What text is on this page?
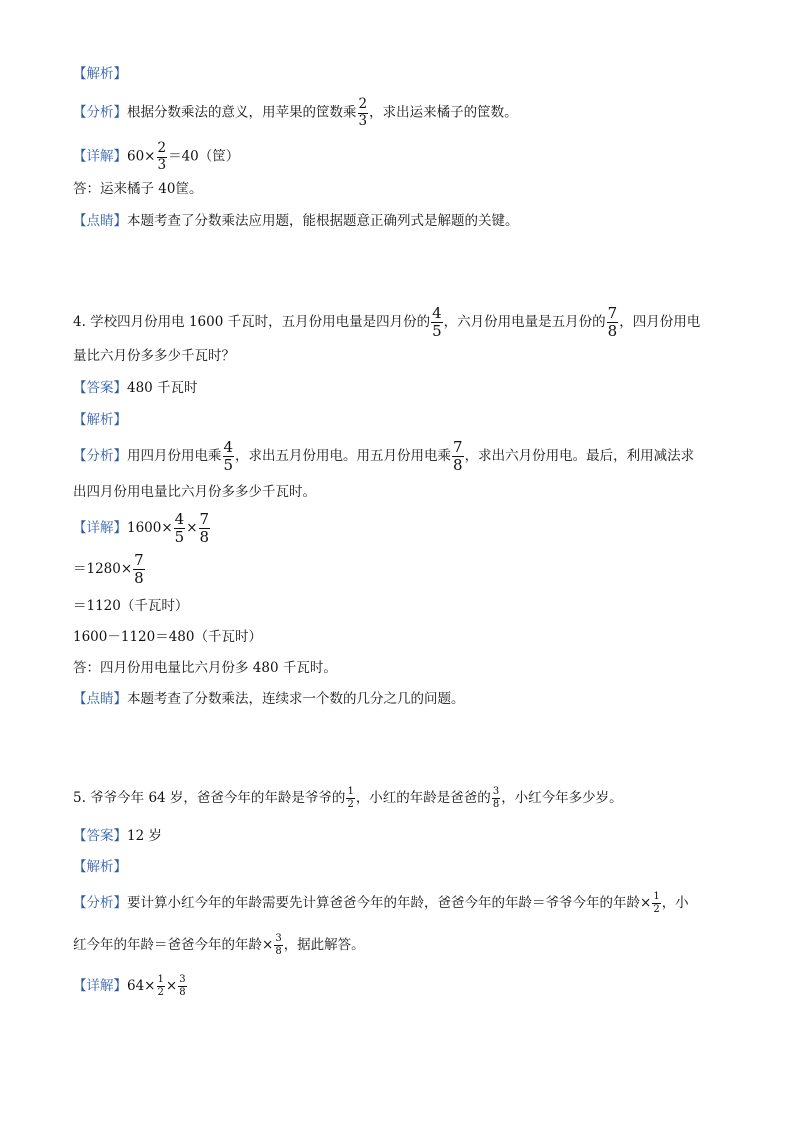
【解析】
【分析】根据分数乘法的意义，用苹果的筐数乘 $\frac{2}{3}$ ，求出运来橘子的筐数。
【详解】$60\times \frac{2}{3} =40$（筐）
答：运来橘子 40筐。
【点睛】本题考查了分数乘法应用题，能根据题意正确列式是解题的关键。
4. 学校四月份用电 1600 千瓦时，五月份用电量是四月份的 $\frac{4}{5}$ ，六月份用电量是五月份的 $\frac{7}{8}$ ，四月份用电
量比六月份多多少千瓦时？
【答案】480 千瓦时
【解析】
【分析】用四月份用电乘 $\frac{4}{5}$ ，求出五月份用电。用五月份用电乘 $\frac{7}{8}$ ，求出六月份用电。最后，利用减法求
出四月份用电量比六月份多多少千瓦时。
【详解】$1600\times \frac{4}{5} \times \frac{7}{8}$
$=1280\times \frac{7}{8}$
＝1120（千瓦时）
1600－1120＝480（千瓦时）
答：四月份用电量比六月份多 480 千瓦时。
【点睛】本题考查了分数乘法，连续求一个数的几分之几的问题。
5. 爷爷今年 64 岁，爸爸今年的年龄是爷爷的 $\frac{1}{2}$ ，小红的年龄是爸爸的 $\frac{3}{8}$ ，小红今年多少岁。
【答案】12 岁
【解析】
【分析】要计算小红今年的年龄需要先计算爸爸今年的年龄，爸爸今年的年龄＝爷爷今年的年龄× $\frac{1}{2}$ ，小
红今年的年龄＝爸爸今年的年龄× $\frac{3}{8}$ ，据此解答。
【详解】$64\times \frac{1}{2} \times \frac{3}{8}$
